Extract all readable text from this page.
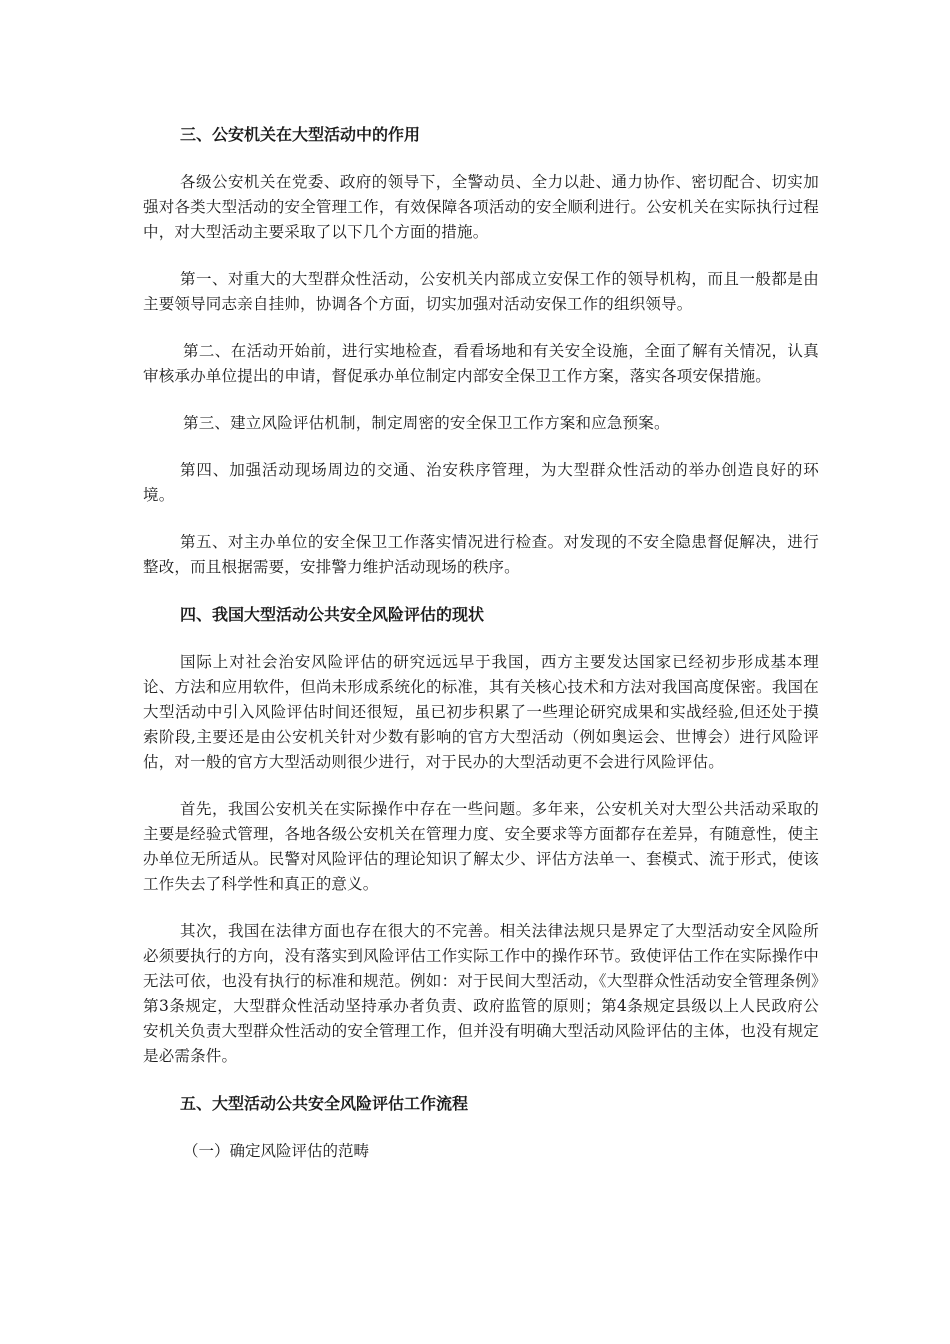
三、公安机关在大型活动中的作用

各级公安机关在党委、政府的领导下，全警动员、全力以赴、通力协作、密切配合、切实加强对各类大型活动的安全管理工作，有效保障各项活动的安全顺利进行。公安机关在实际执行过程中，对大型活动主要采取了以下几个方面的措施。

第一、对重大的大型群众性活动，公安机关内部成立安保工作的领导机构，而且一般都是由主要领导同志亲自挂帅，协调各个方面，切实加强对活动安保工作的组织领导。

第二、在活动开始前，进行实地检查，看看场地和有关安全设施，全面了解有关情况，认真审核承办单位提出的申请，督促承办单位制定内部安全保卫工作方案，落实各项安保措施。

第三、建立风险评估机制，制定周密的安全保卫工作方案和应急预案。

第四、加强活动现场周边的交通、治安秩序管理，为大型群众性活动的举办创造良好的环境。

第五、对主办单位的安全保卫工作落实情况进行检查。对发现的不安全隐患督促解决，进行整改，而且根据需要，安排警力维护活动现场的秩序。

四、我国大型活动公共安全风险评估的现状

国际上对社会治安风险评估的研究远远早于我国，西方主要发达国家已经初步形成基本理论、方法和应用软件，但尚未形成系统化的标准，其有关核心技术和方法对我国高度保密。我国在大型活动中引入风险评估时间还很短，虽已初步积累了一些理论研究成果和实战经验,但还处于摸索阶段,主要还是由公安机关针对少数有影响的官方大型活动（例如奥运会、世博会）进行风险评估，对一般的官方大型活动则很少进行，对于民办的大型活动更不会进行风险评估。

首先，我国公安机关在实际操作中存在一些问题。多年来，公安机关对大型公共活动采取的主要是经验式管理，各地各级公安机关在管理力度、安全要求等方面都存在差异，有随意性，使主办单位无所适从。民警对风险评估的理论知识了解太少、评估方法单一、套模式、流于形式，使该工作失去了科学性和真正的意义。

其次，我国在法律方面也存在很大的不完善。相关法律法规只是界定了大型活动安全风险所必须要执行的方向，没有落实到风险评估工作实际工作中的操作环节。致使评估工作在实际操作中无法可依，也没有执行的标准和规范。例如：对于民间大型活动，《大型群众性活动安全管理条例》第3条规定，大型群众性活动坚持承办者负责、政府监管的原则；第4条规定县级以上人民政府公安机关负责大型群众性活动的安全管理工作，但并没有明确大型活动风险评估的主体，也没有规定是必需条件。

五、大型活动公共安全风险评估工作流程

（一）确定风险评估的范畴
